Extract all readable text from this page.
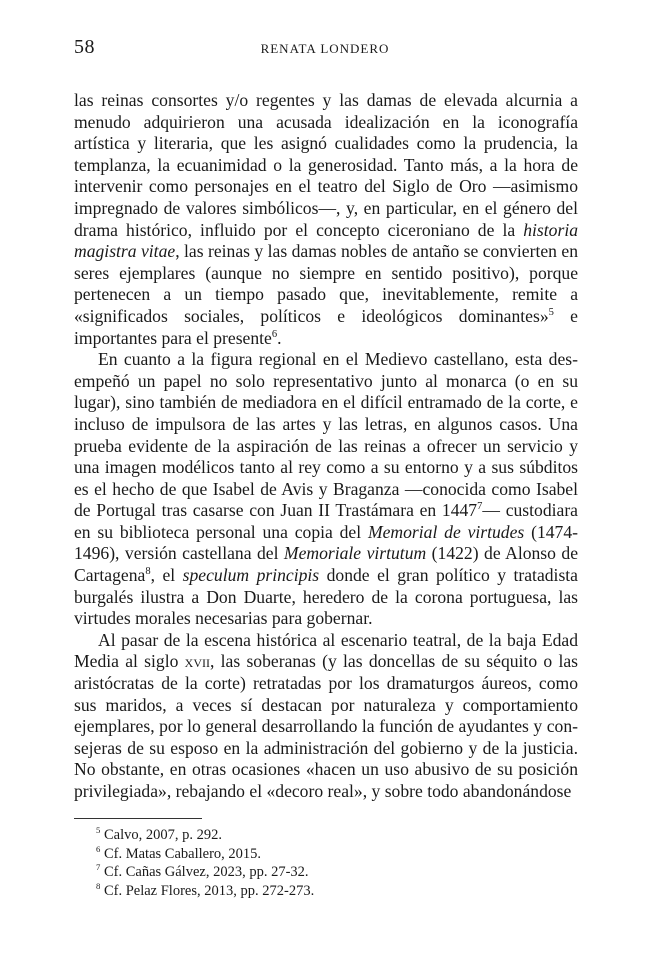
58	RENATA LONDERO

las reinas consortes y/o regentes y las damas de elevada alcurnia a menudo adquirieron una acusada idealización en la iconografía artística y literaria, que les asignó cualidades como la prudencia, la templanza, la ecuanimidad o la generosidad. Tanto más, a la hora de intervenir como personajes en el teatro del Siglo de Oro —asimismo impregnado de valores simbólicos—, y, en particular, en el género del drama histórico, influido por el concepto ciceroniano de la historia magistra vitae, las reinas y las damas nobles de antaño se convierten en seres ejemplares (aunque no siempre en sentido positivo), porque pertenecen a un tiempo pasado que, inevitablemente, remite a «significados sociales, políticos e ideológicos dominantes»$^5$ e importantes para el presente$^6$.

En cuanto a la figura regional en el Medievo castellano, esta desempeñó un papel no solo representativo junto al monarca (o en su lugar), sino también de mediadora en el difícil entramado de la corte, e incluso de impulsora de las artes y las letras, en algunos casos. Una prueba evidente de la aspiración de las reinas a ofrecer un servicio y una imagen modélicos tanto al rey como a su entorno y a sus súbditos es el hecho de que Isabel de Avis y Braganza —conocida como Isabel de Portugal tras casarse con Juan II Trastámara en 1447$^7$— custodiara en su biblioteca personal una copia del Memorial de virtudes (1474-1496), versión castellana del Memoriale virtutum (1422) de Alonso de Cartagena$^8$, el speculum principis donde el gran político y tratadista burgalés ilustra a Don Duarte, heredero de la corona portuguesa, las virtudes morales necesarias para gobernar.

Al pasar de la escena histórica al escenario teatral, de la baja Edad Media al siglo xvii, las soberanas (y las doncellas de su séquito o las aristócratas de la corte) retratadas por los dramaturgos áureos, como sus maridos, a veces sí destacan por naturaleza y comportamiento ejemplares, por lo general desarrollando la función de ayudantes y consejeras de su esposo en la administración del gobierno y de la justicia. No obstante, en otras ocasiones «hacen un uso abusivo de su posición privilegiada», rebajando el «decoro real», y sobre todo abandonándose

$^5$ Calvo, 2007, p. 292.
$^6$ Cf. Matas Caballero, 2015.
$^7$ Cf. Cañas Gálvez, 2023, pp. 27-32.
$^8$ Cf. Pelaz Flores, 2013, pp. 272-273.
